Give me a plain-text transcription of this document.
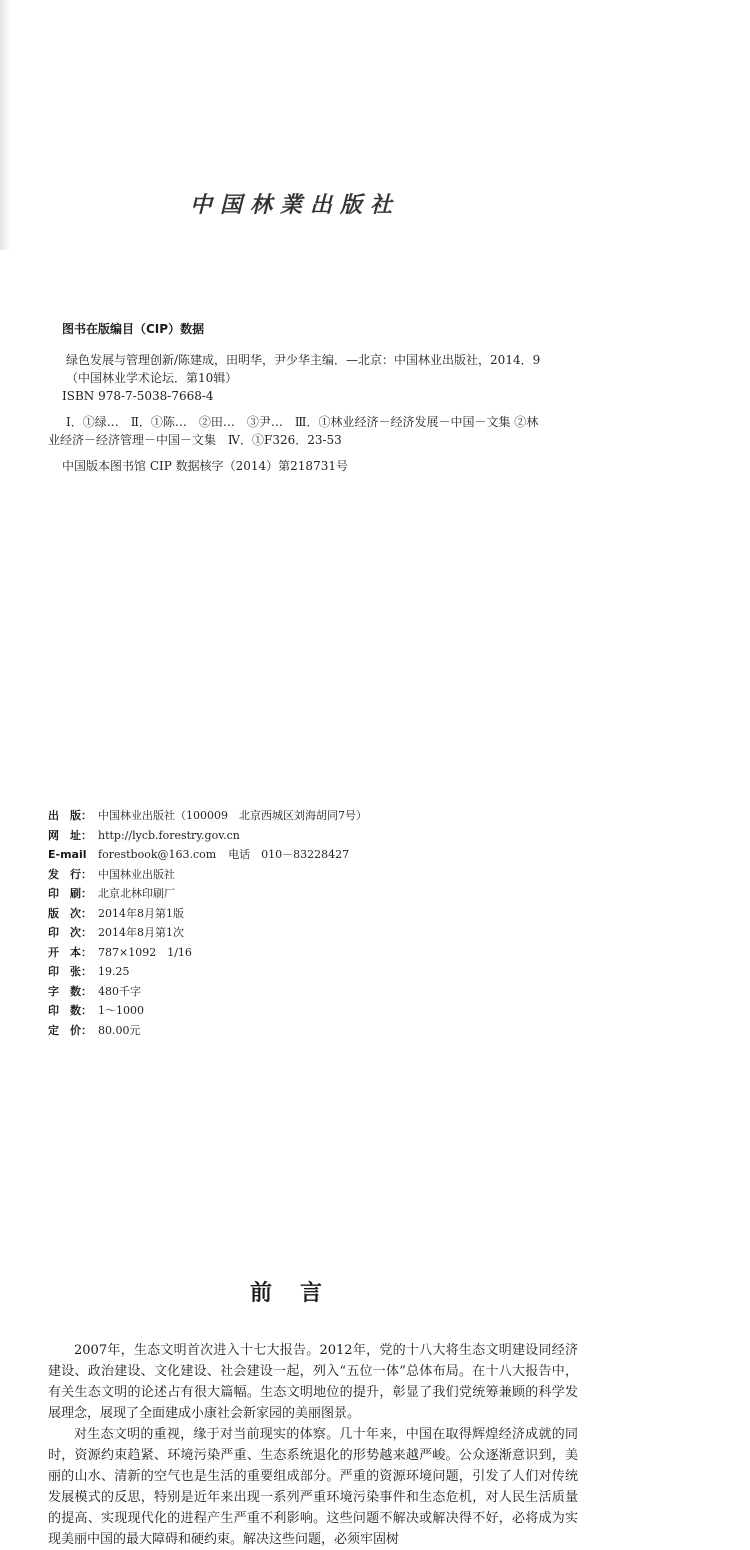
中国林業出版社

图书在版编目（CIP）数据

绿色发展与管理创新/陈建成，田明华，尹少华主编．—北京：中国林业出版社，2014．9

（中国林业学术论坛．第10辑）

ISBN 978-7-5038-7668-4

Ⅰ．①绿…　Ⅱ．①陈…　②田…　③尹…　Ⅲ．①林业经济－经济发展－中国－文集 ②林
业经济－经济管理－中国－文集　Ⅳ．①F326．23-53

中国版本图书馆 CIP 数据核字（2014）第218731号

出　版： 中国林业出版社（100009　北京西城区刘海胡同7号）
网　址： http://lycb.forestry.gov.cn
E-mail	forestbook@163.com 电话　010－83228427
发　行： 中国林业出版社
印　刷： 北京北林印刷厂
版　次： 2014年8月第1版
印　次： 2014年8月第1次
开　本： 787×1092　1/16
印　张： 19.25
字　数： 480千字
印　数： 1～1000
定　价： 80.00元
前言

2007年，生态文明首次进入十七大报告。2012年，党的十八大将生态文明建设同经济建设、政治建设、文化建设、社会建设一起，列入“五位一体”总体布局。在十八大报告中，有关生态文明的论述占有很大篇幅。生态文明地位的提升，彰显了我们党统筹兼顾的科学发展理念，展现了全面建成小康社会新家园的美丽图景。

对生态文明的重视，缘于对当前现实的体察。几十年来，中国在取得辉煌经济成就的同时，资源约束趋紧、环境污染严重、生态系统退化的形势越来越严峻。公众逐渐意识到，美丽的山水、清新的空气也是生活的重要组成部分。严重的资源环境问题，引发了人们对传统发展模式的反思，特别是近年来出现一系列严重环境污染事件和生态危机，对人民生活质量的提高、实现现代化的进程产生严重不利影响。这些问题不解决或解决得不好，必将成为实现美丽中国的最大障碍和硬约束。解决这些问题，必须牢固树
